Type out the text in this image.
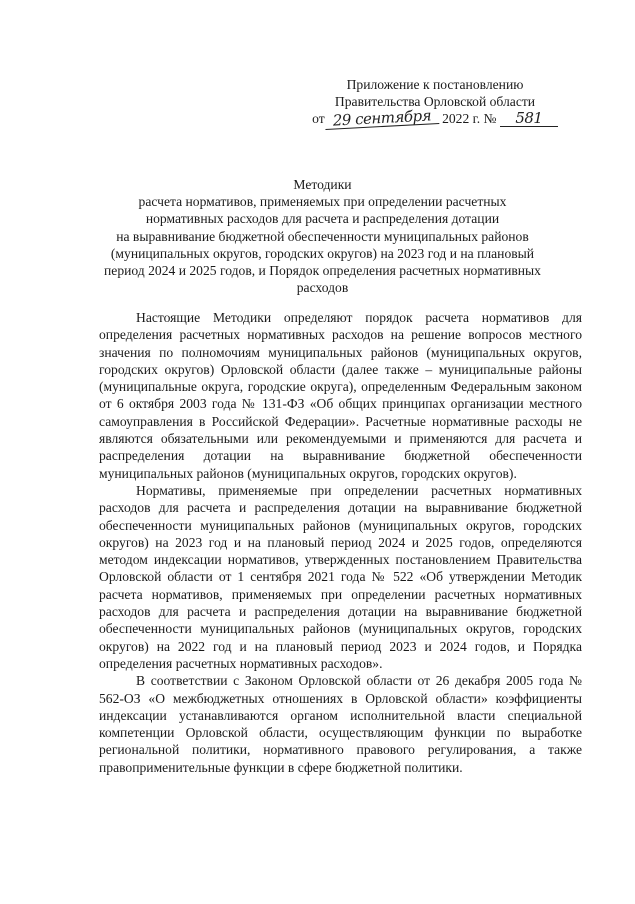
Приложение к постановлению
Правительства Орловской области
от 29 сентября 2022 г. № 581
Методики
расчета нормативов, применяемых при определении расчетных
нормативных расходов для расчета и распределения дотации
на выравнивание бюджетной обеспеченности муниципальных районов
(муниципальных округов, городских округов) на 2023 год и на плановый
период 2024 и 2025 годов, и Порядок определения расчетных нормативных
расходов

Настоящие Методики определяют порядок расчета нормативов для определения расчетных нормативных расходов на решение вопросов местного значения по полномочиям муниципальных районов (муниципальных округов, городских округов) Орловской области (далее также – муниципальные районы (муниципальные округа, городские округа), определенным Федеральным законом от 6 октября 2003 года № 131-ФЗ «Об общих принципах организации местного самоуправления в Российской Федерации». Расчетные нормативные расходы не являются обязательными или рекомендуемыми и применяются для расчета и распределения дотации на выравнивание бюджетной обеспеченности муниципальных районов (муниципальных округов, городских округов).

Нормативы, применяемые при определении расчетных нормативных расходов для расчета и распределения дотации на выравнивание бюджетной обеспеченности муниципальных районов (муниципальных округов, городских округов) на 2023 год и на плановый период 2024 и 2025 годов, определяются методом индексации нормативов, утвержденных постановлением Правительства Орловской области от 1 сентября 2021 года № 522 «Об утверждении Методик расчета нормативов, применяемых при определении расчетных нормативных расходов для расчета и распределения дотации на выравнивание бюджетной обеспеченности муниципальных районов (муниципальных округов, городских округов) на 2022 год и на плановый период 2023 и 2024 годов, и Порядка определения расчетных нормативных расходов».

В соответствии с Законом Орловской области от 26 декабря 2005 года № 562-ОЗ «О межбюджетных отношениях в Орловской области» коэффициенты индексации устанавливаются органом исполнительной власти специальной компетенции Орловской области, осуществляющим функции по выработке региональной политики, нормативного правового регулирования, а также правоприменительные функции в сфере бюджетной политики.
